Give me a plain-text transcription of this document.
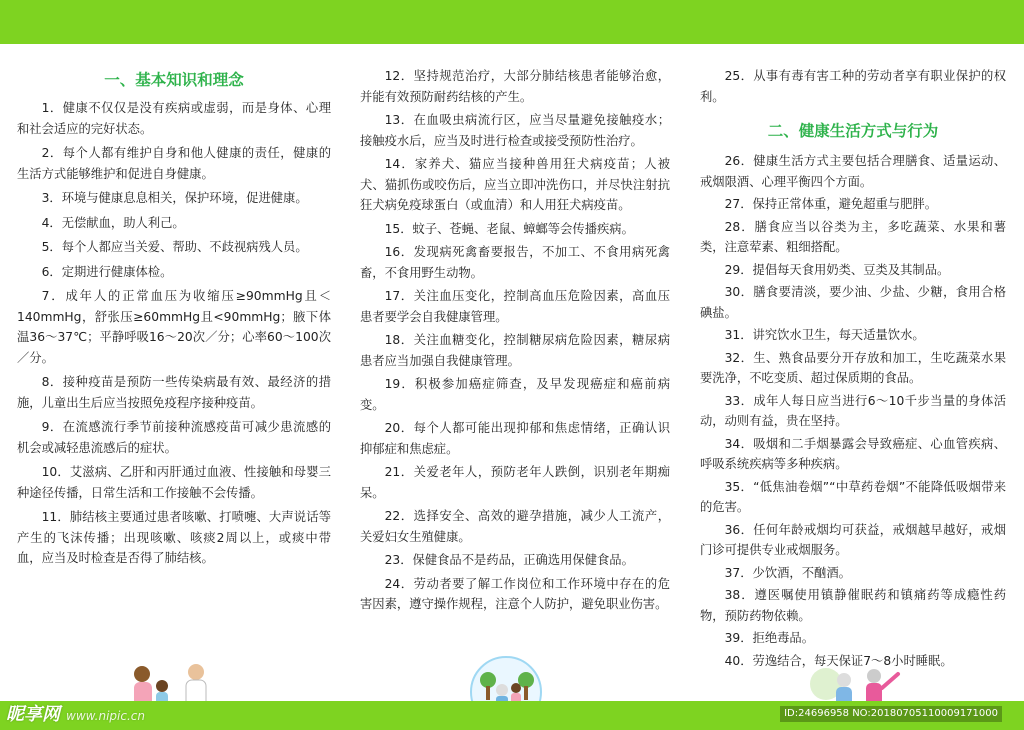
一、基本知识和理念
1．健康不仅仅是没有疾病或虚弱，而是身体、心理和社会适应的完好状态。
2．每个人都有维护自身和他人健康的责任，健康的生活方式能够维护和促进自身健康。
3．环境与健康息息相关，保护环境，促进健康。
4．无偿献血，助人利己。
5．每个人都应当关爱、帮助、不歧视病残人员。
6．定期进行健康体检。
7．成年人的正常血压为收缩压≥90mmHg且＜140mmHg，舒张压≥60mmHg且<90mmHg；腋下体温36～37℃；平静呼吸16～20次／分；心率60～100次／分。
8．接种疫苗是预防一些传染病最有效、最经济的措施，儿童出生后应当按照免疫程序接种疫苗。
9．在流感流行季节前接种流感疫苗可减少患流感的机会或减轻患流感后的症状。
10．艾滋病、乙肝和丙肝通过血液、性接触和母婴三种途径传播，日常生活和工作接触不会传播。
11．肺结核主要通过患者咳嗽、打喷嚏、大声说话等产生的飞沫传播；出现咳嗽、咳痰2周以上，或痰中带血，应当及时检查是否得了肺结核。
12．坚持规范治疗，大部分肺结核患者能够治愈，并能有效预防耐药结核的产生。
13．在血吸虫病流行区，应当尽量避免接触疫水；接触疫水后，应当及时进行检查或接受预防性治疗。
14．家养犬、猫应当接种兽用狂犬病疫苗；人被犬、猫抓伤或咬伤后，应当立即冲洗伤口，并尽快注射抗狂犬病免疫球蛋白（或血清）和人用狂犬病疫苗。
15．蚊子、苍蝇、老鼠、蟑螂等会传播疾病。
16．发现病死禽畜要报告，不加工、不食用病死禽畜，不食用野生动物。
17．关注血压变化，控制高血压危险因素，高血压患者要学会自我健康管理。
18．关注血糖变化，控制糖尿病危险因素，糖尿病患者应当加强自我健康管理。
19．积极参加癌症筛查，及早发现癌症和癌前病变。
20．每个人都可能出现抑郁和焦虑情绪，正确认识抑郁症和焦虑症。
21．关爱老年人，预防老年人跌倒，识别老年期痴呆。
22．选择安全、高效的避孕措施，减少人工流产，关爱妇女生殖健康。
23．保健食品不是药品，正确选用保健食品。
24．劳动者要了解工作岗位和工作环境中存在的危害因素，遵守操作规程，注意个人防护，避免职业伤害。
25．从事有毒有害工种的劳动者享有职业保护的权利。
二、健康生活方式与行为
26．健康生活方式主要包括合理膳食、适量运动、戒烟限酒、心理平衡四个方面。
27．保持正常体重，避免超重与肥胖。
28．膳食应当以谷类为主，多吃蔬菜、水果和薯类，注意荤素、粗细搭配。
29．提倡每天食用奶类、豆类及其制品。
30．膳食要清淡，要少油、少盐、少糖，食用合格碘盐。
31．讲究饮水卫生，每天适量饮水。
32．生、熟食品要分开存放和加工，生吃蔬菜水果要洗净，不吃变质、超过保质期的食品。
33．成年人每日应当进行6～10千步当量的身体活动，动则有益，贵在坚持。
34．吸烟和二手烟暴露会导致癌症、心血管疾病、呼吸系统疾病等多种疾病。
35．“低焦油卷烟”“中草药卷烟”不能降低吸烟带来的危害。
36．任何年龄戒烟均可获益，戒烟越早越好，戒烟门诊可提供专业戒烟服务。
37．少饮酒，不酗酒。
38．遵医嘱使用镇静催眠药和镇痛药等成瘾性药物，预防药物依赖。
39．拒绝毒品。
40．劳逸结合，每天保证7～8小时睡眠。
昵享网 www.nipic.cn	ID:24696958 NO:20180705110009171000
